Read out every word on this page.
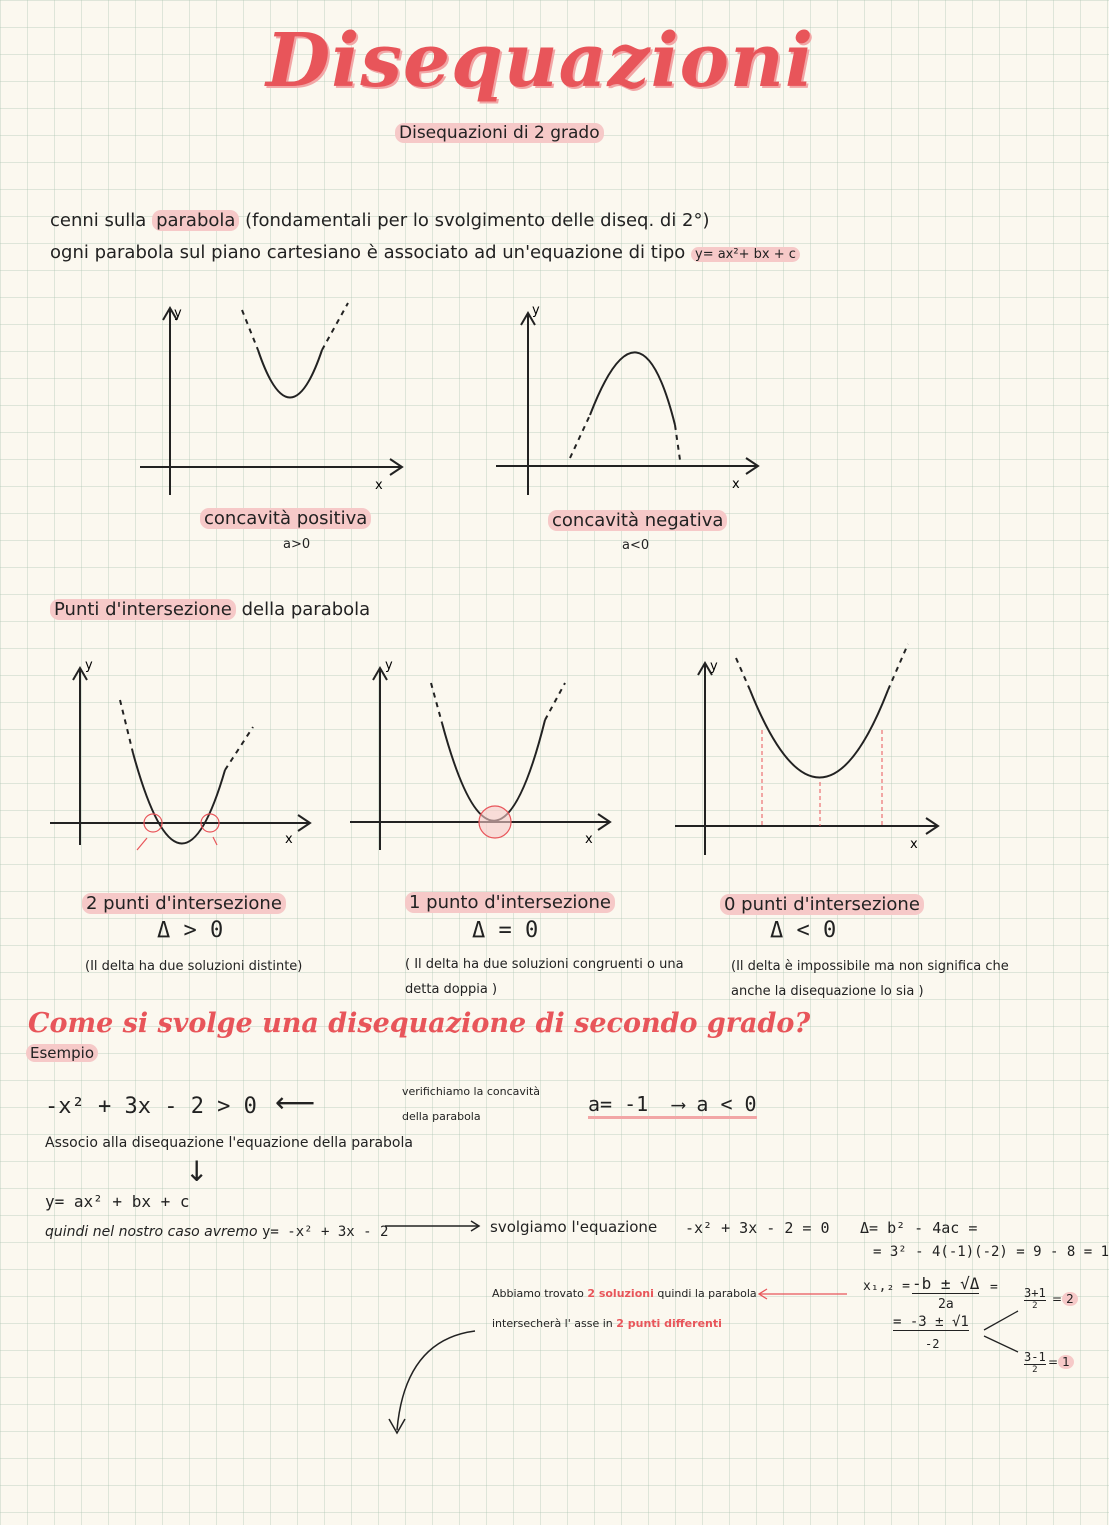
Disequazioni
Disequazioni di 2 grado
cenni sulla parabola (fondamentali per lo svolgimento delle diseq. di 2°)
ogni parabola sul piano cartesiano è associato ad un'equazione di tipo y= ax²+ bx + c
y
x
concavità positiva
a>0
y
x
concavità negativa
a<0
Punti d'intersezione della parabola
y
x
y
x
y
x
2 punti d'intersezione
Δ > 0
(Il delta ha due soluzioni distinte)
1 punto d'intersezione
Δ = 0
( Il delta ha due soluzioni congruenti o una
detta doppia )
0 punti d'intersezione
Δ < 0
(Il delta è impossibile ma non significa che
anche la disequazione lo sia )
Come si svolge una disequazione di secondo grado?
Esempio
-x² + 3x - 2 > 0 ⟵	verifichiamo la concavità
della parabola
a= -1 ⟶ a < 0
Associo alla disequazione l'equazione della parabola
↓
y= ax² + bx + c
quindi nel nostro caso avremo y= -x² + 3x - 2	svolgiamo l'equazione -x² + 3x - 2 = 0 Δ= b² - 4ac =
= 3² - 4(-1)(-2) = 9 - 8 = 1
x₁,₂ = -b ± √Δ
2a
=
= -3 ± √1
-2
3+1
2	= 2
3-1
2
= 1
Abbiamo trovato 2 soluzioni quindi la parabola
intersecherà l' asse in 2 punti differenti
